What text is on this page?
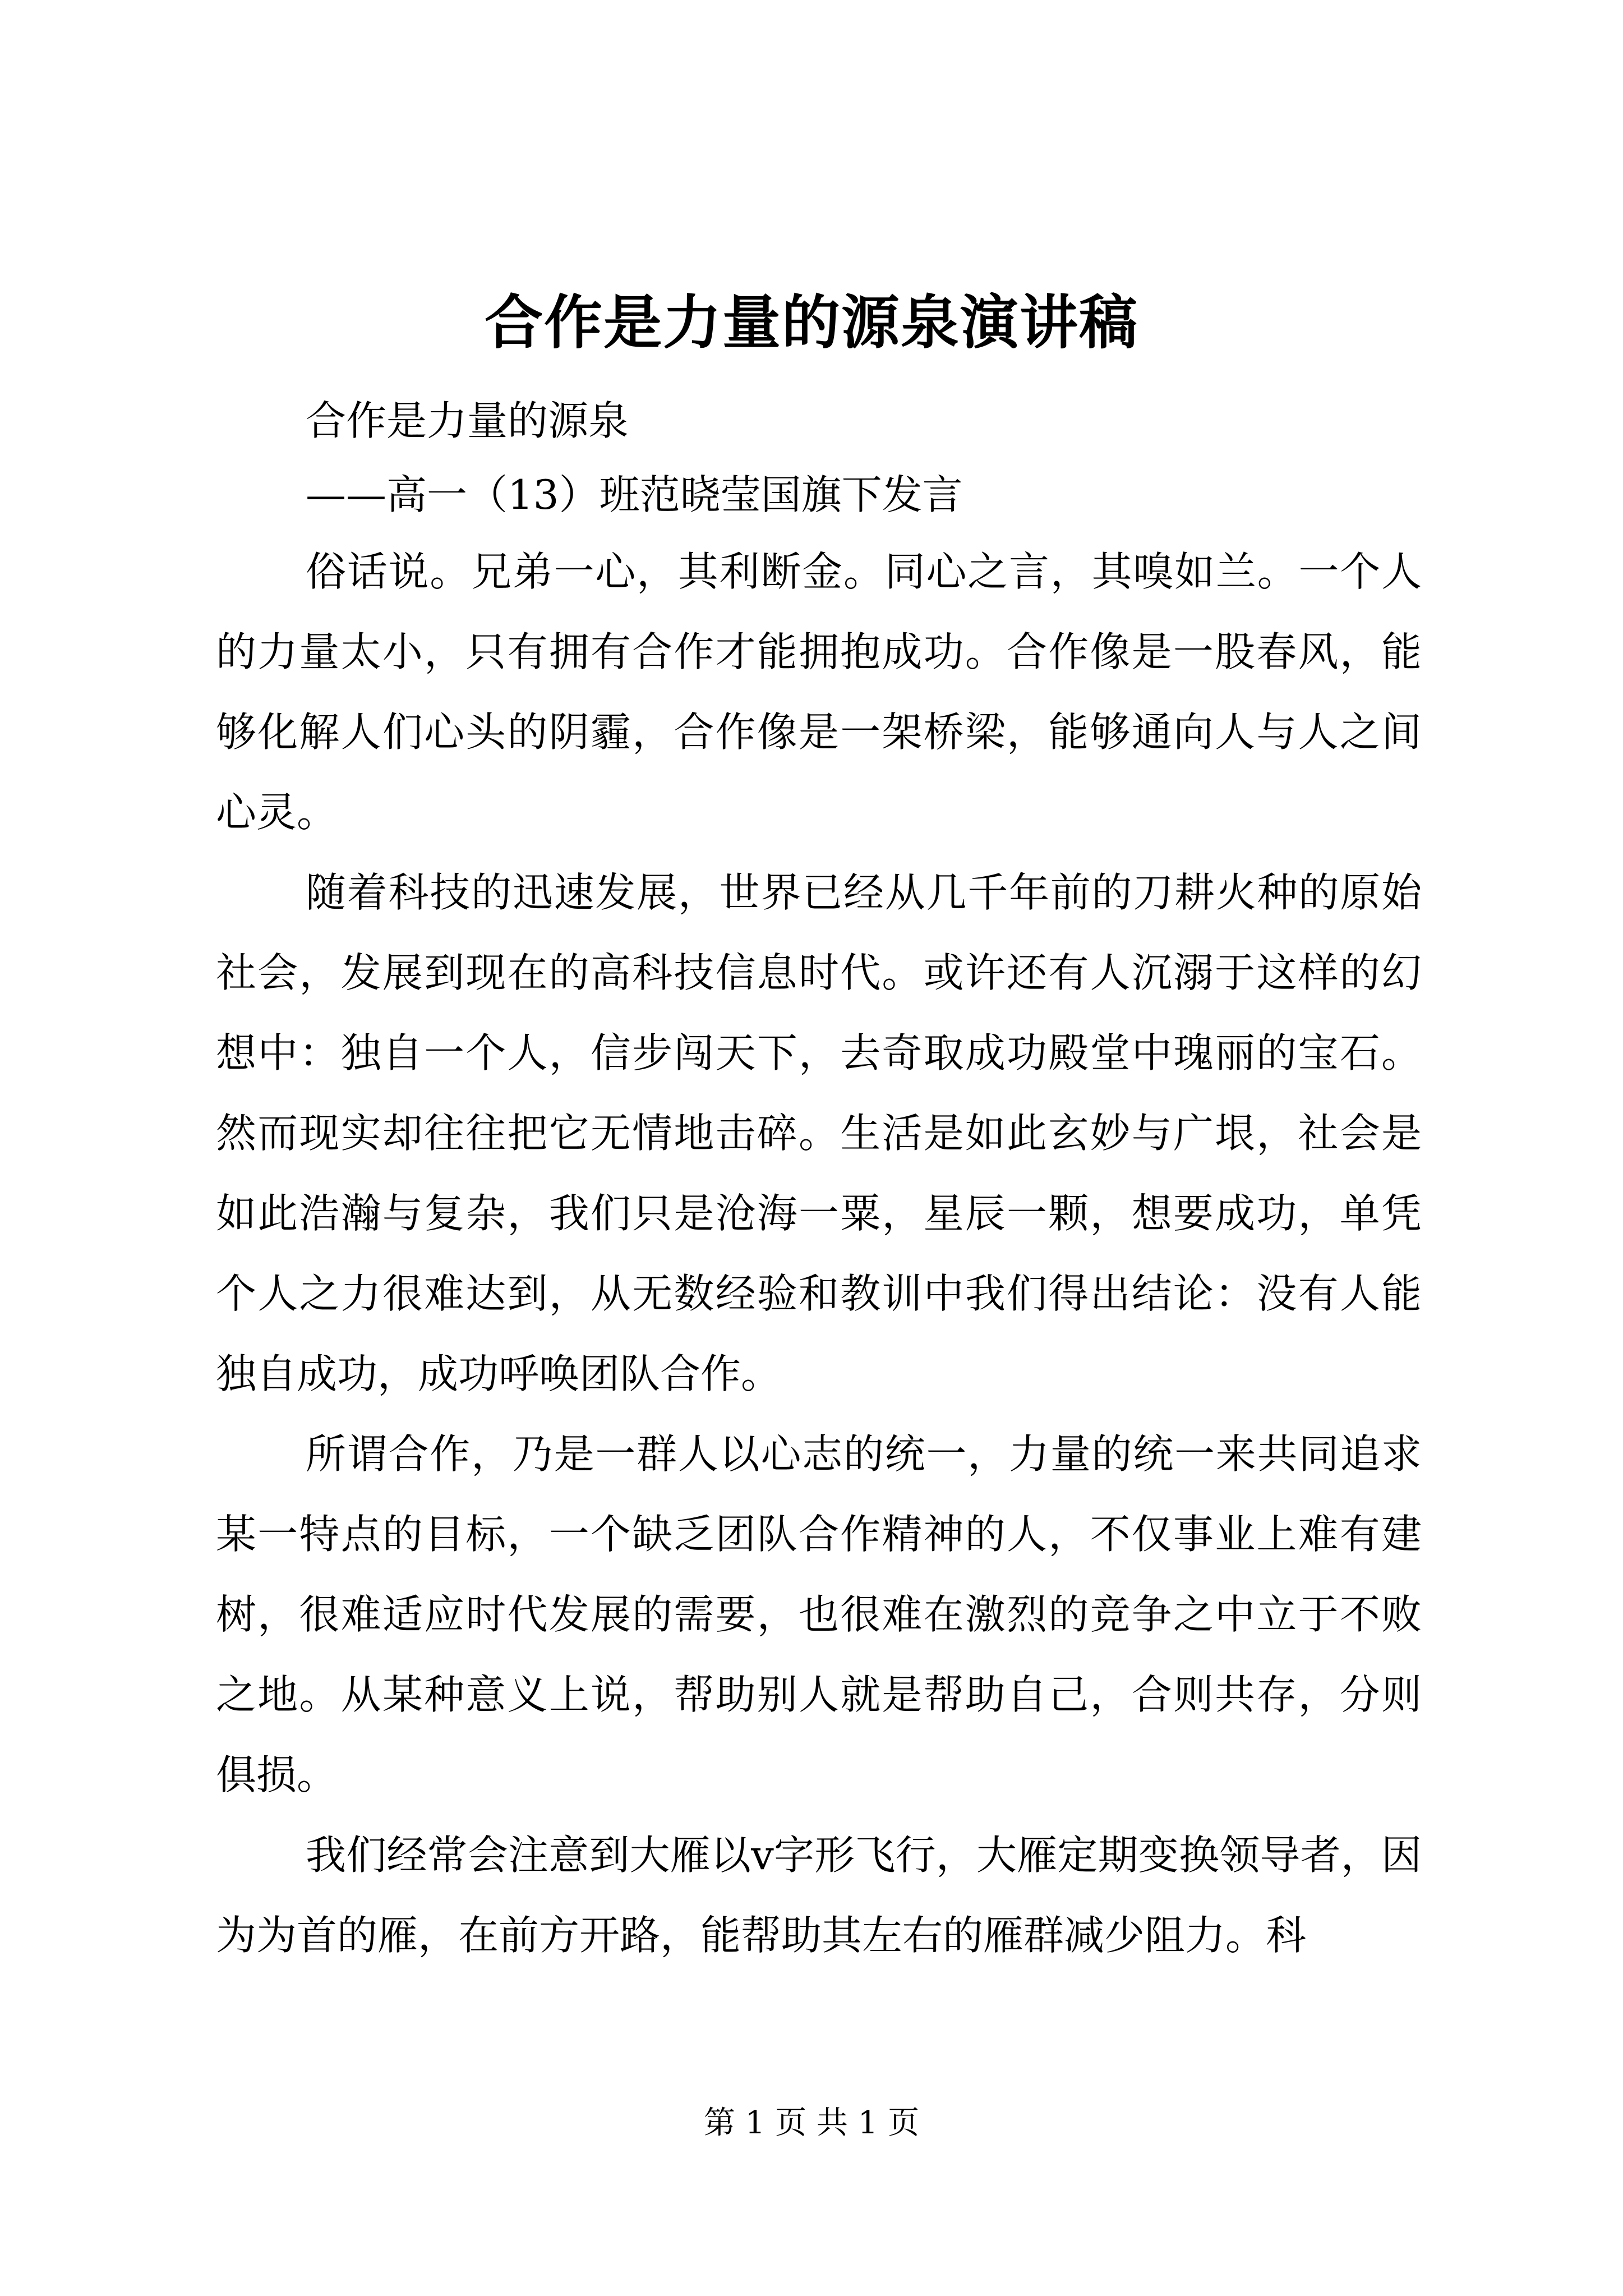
合作是力量的源泉演讲稿
合作是力量的源泉
——高一（13）班范晓莹国旗下发言

俗话说。兄弟一心，其利断金。同心之言，其嗅如兰。一个人的力量太小，只有拥有合作才能拥抱成功。合作像是一股春风，能够化解人们心头的阴霾，合作像是一架桥梁，能够通向人与人之间心灵。

随着科技的迅速发展，世界已经从几千年前的刀耕火种的原始社会，发展到现在的高科技信息时代。或许还有人沉溺于这样的幻想中：独自一个人，信步闯天下，去奇取成功殿堂中瑰丽的宝石。然而现实却往往把它无情地击碎。生活是如此玄妙与广垠，社会是如此浩瀚与复杂，我们只是沧海一粟，星辰一颗，想要成功，单凭个人之力很难达到，从无数经验和教训中我们得出结论：没有人能独自成功，成功呼唤团队合作。

所谓合作，乃是一群人以心志的统一，力量的统一来共同追求某一特点的目标，一个缺乏团队合作精神的人，不仅事业上难有建树，很难适应时代发展的需要，也很难在激烈的竞争之中立于不败之地。从某种意义上说，帮助别人就是帮助自己，合则共存，分则俱损。

我们经常会注意到大雁以v字形飞行，大雁定期变换领导者，因为为首的雁，在前方开路，能帮助其左右的雁群减少阻力。科

第 1 页 共 1 页
